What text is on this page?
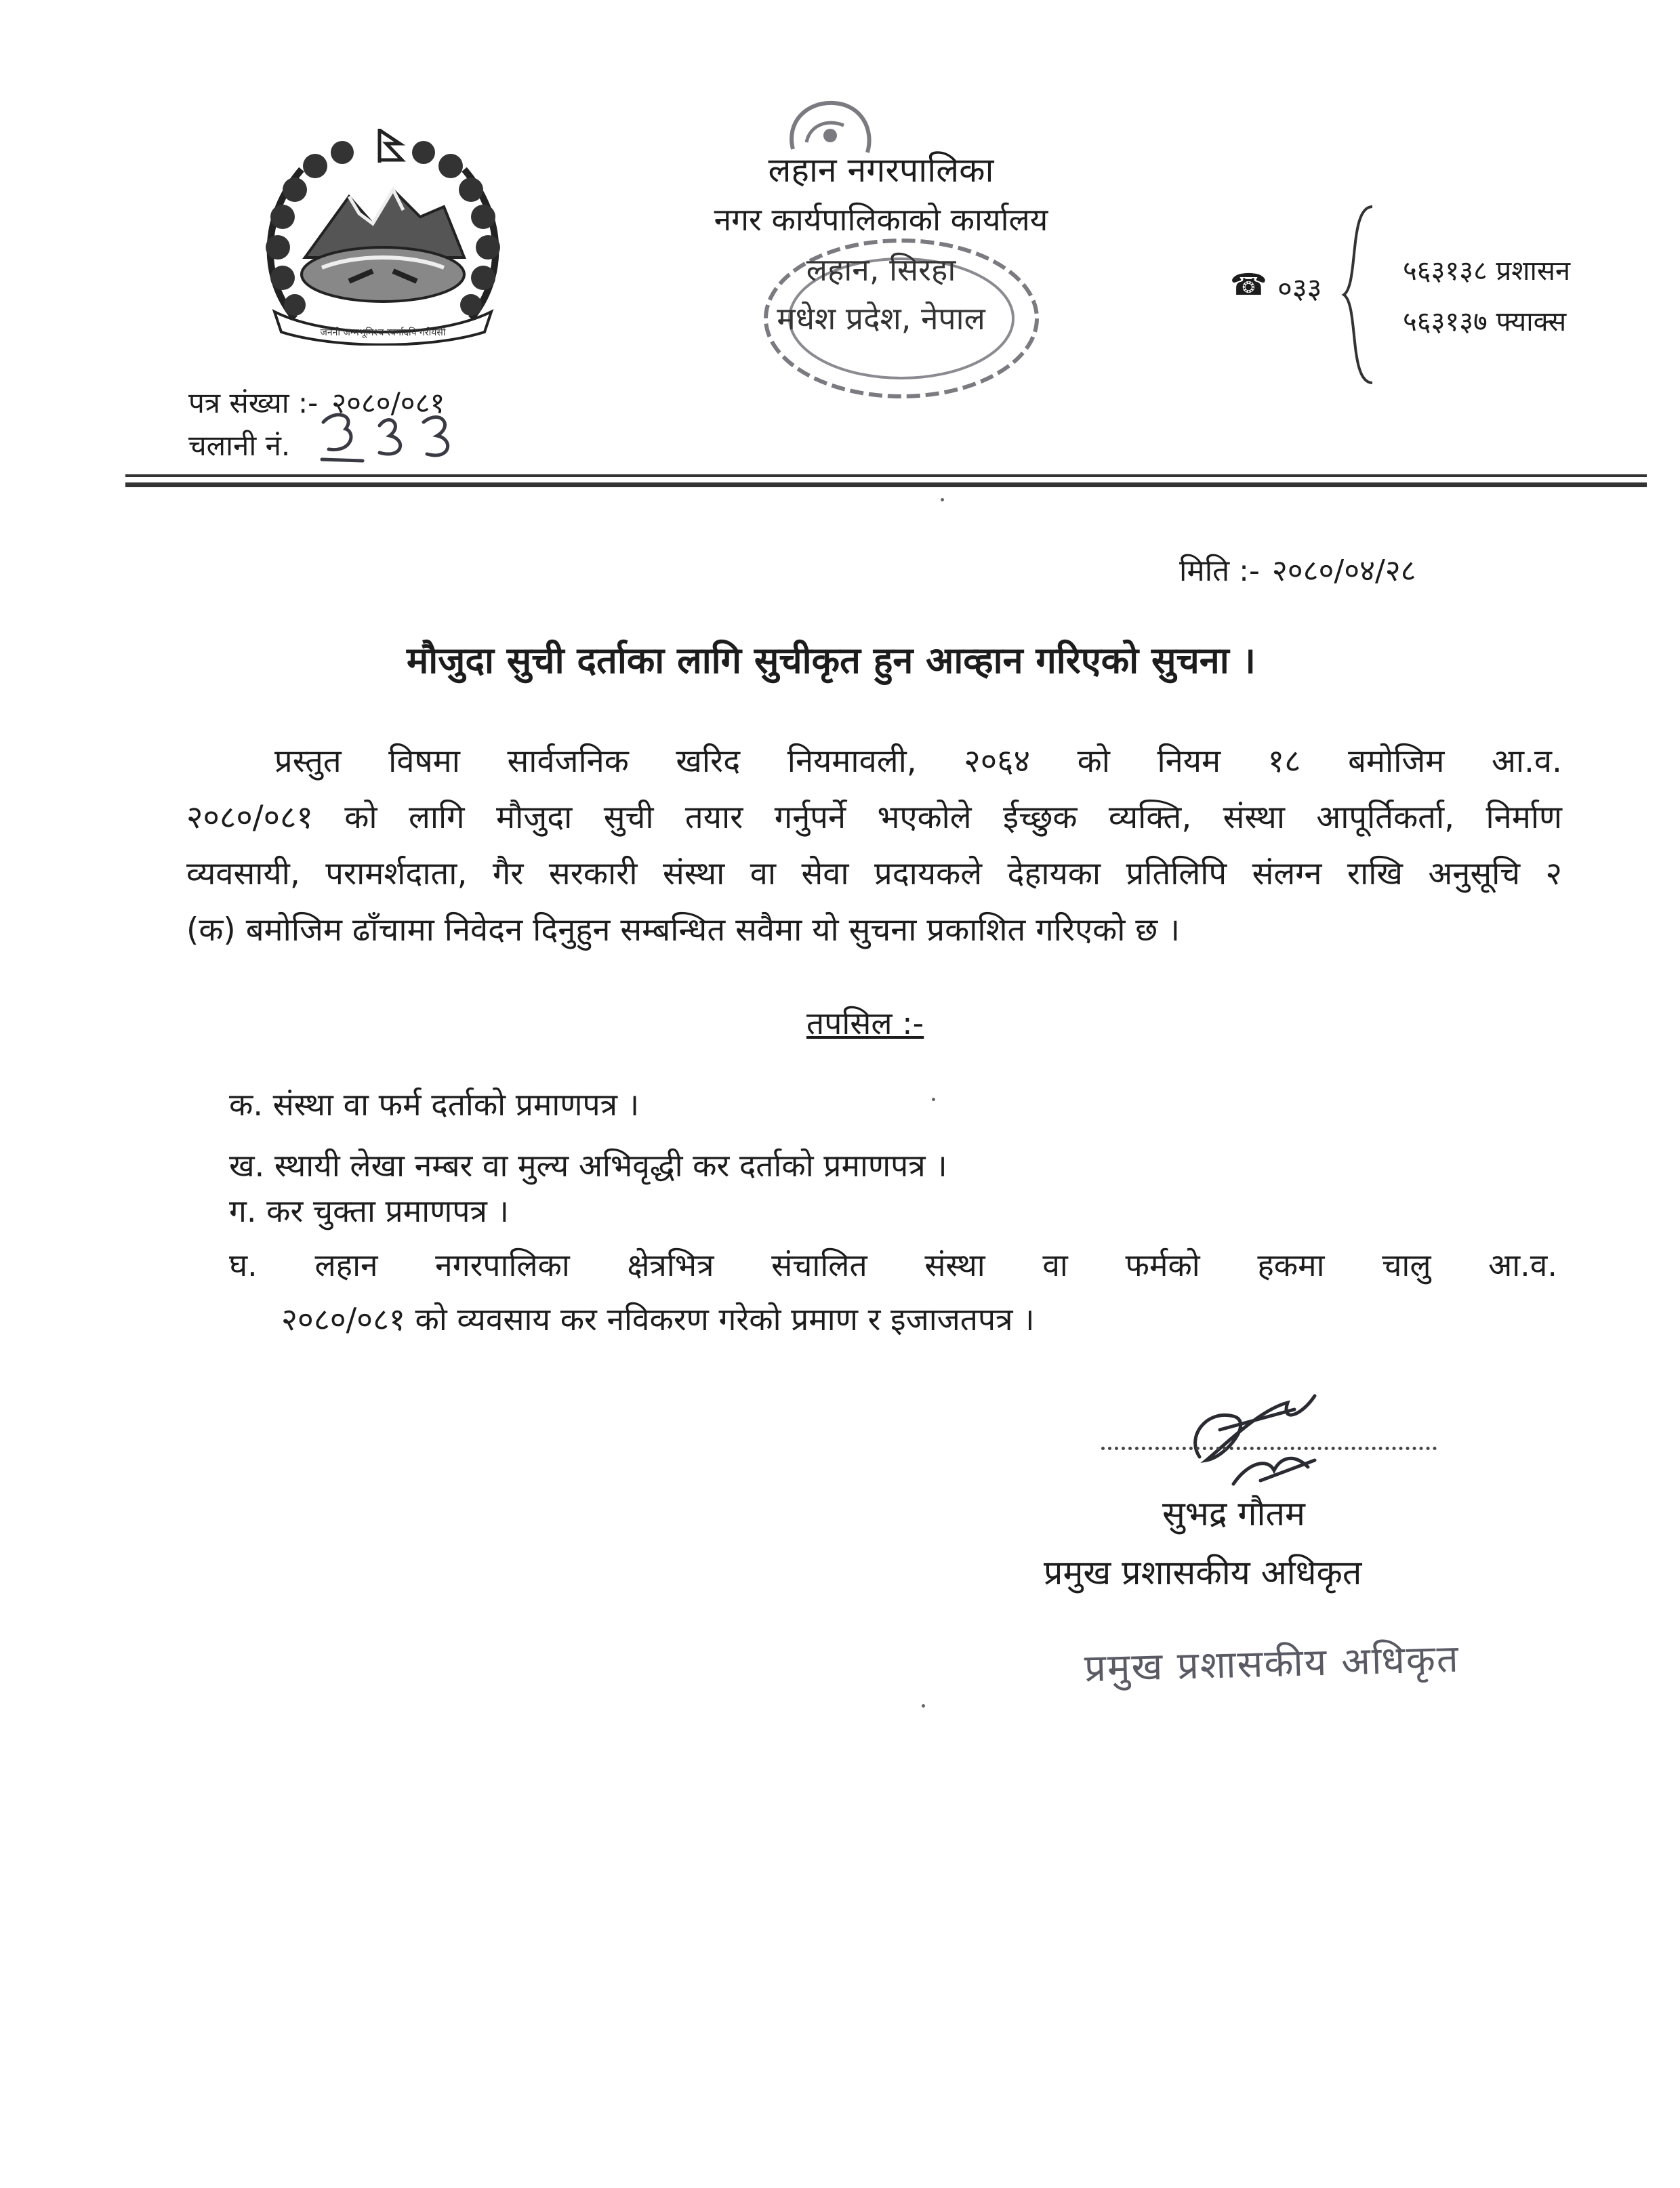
जननी जन्मभूमिश्च स्वर्गादपि गरीयसी
लहान नगरपालिका
नगर कार्यपालिकाको कार्यालय
लहान, सिरहा
मधेश प्रदेश, नेपाल
☎ ०३३
५६३१३८ प्रशासन
५६३१३७ फ्याक्स
पत्र संख्या :- २०८०/०८१
चलानी नं.
मिति :- २०८०/०४/२८
मौजुदा सुची दर्ताका लागि सुचीकृत हुन आव्हान गरिएको सुचना ।
प्रस्तुत विषमा सार्वजनिक खरिद नियमावली, २०६४ को नियम १८ बमोजिम आ.व.
२०८०/०८१ को लागि मौजुदा सुची तयार गर्नुपर्ने भएकोले ईच्छुक व्यक्ति, संस्था आपूर्तिकर्ता, निर्माण
व्यवसायी, परामर्शदाता, गैर सरकारी संस्था वा सेवा प्रदायकले देहायका प्रतिलिपि संलग्न राखि अनुसूचि २
(क) बमोजिम ढाँचामा निवेदन दिनुहुन सम्बन्धित सवैमा यो सुचना प्रकाशित गरिएको छ ।
तपसिल :-
क. संस्था वा फर्म दर्ताको प्रमाणपत्र ।
ख. स्थायी लेखा नम्बर वा मुल्य अभिवृद्धी कर दर्ताको प्रमाणपत्र ।
ग. कर चुक्ता प्रमाणपत्र ।
घ. लहान नगरपालिका क्षेत्रभित्र संचालित संस्था वा फर्मको हकमा चालु आ.व.
२०८०/०८१ को व्यवसाय कर नविकरण गरेको प्रमाण र इजाजतपत्र ।
सुभद्र गौतम
प्रमुख प्रशासकीय अधिकृत
प्रमुख प्रशासकीय अधिकृत
